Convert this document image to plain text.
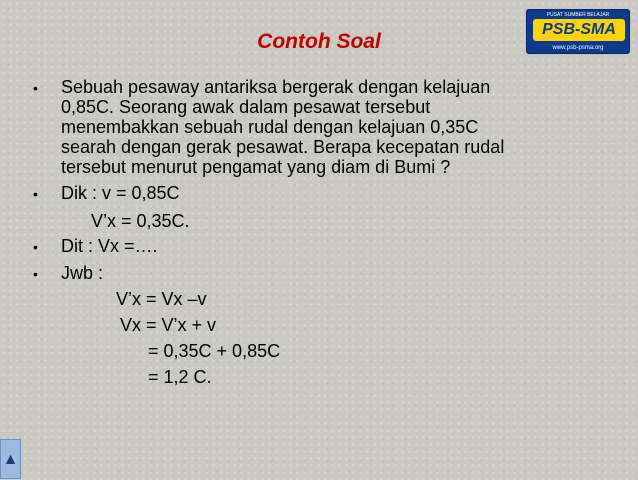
Contoh Soal
PUSAT SUMBER BELAJAR
PSB-SMA
www.psb-psma.org
• Sebuah pesaway antariksa bergerak dengan kelajuan
0,85C. Seorang awak dalam pesawat tersebut
menembakkan sebuah rudal dengan kelajuan 0,35C
searah dengan gerak pesawat. Berapa kecepatan rudal
tersebut menurut pengamat yang diam di Bumi ?
• Dik : v = 0,85C
V’x = 0,35C.
• Dit : Vx =….
• Jwb :
V’x = Vx –v
Vx = V’x + v
= 0,35C + 0,85C
= 1,2 C.
▲
